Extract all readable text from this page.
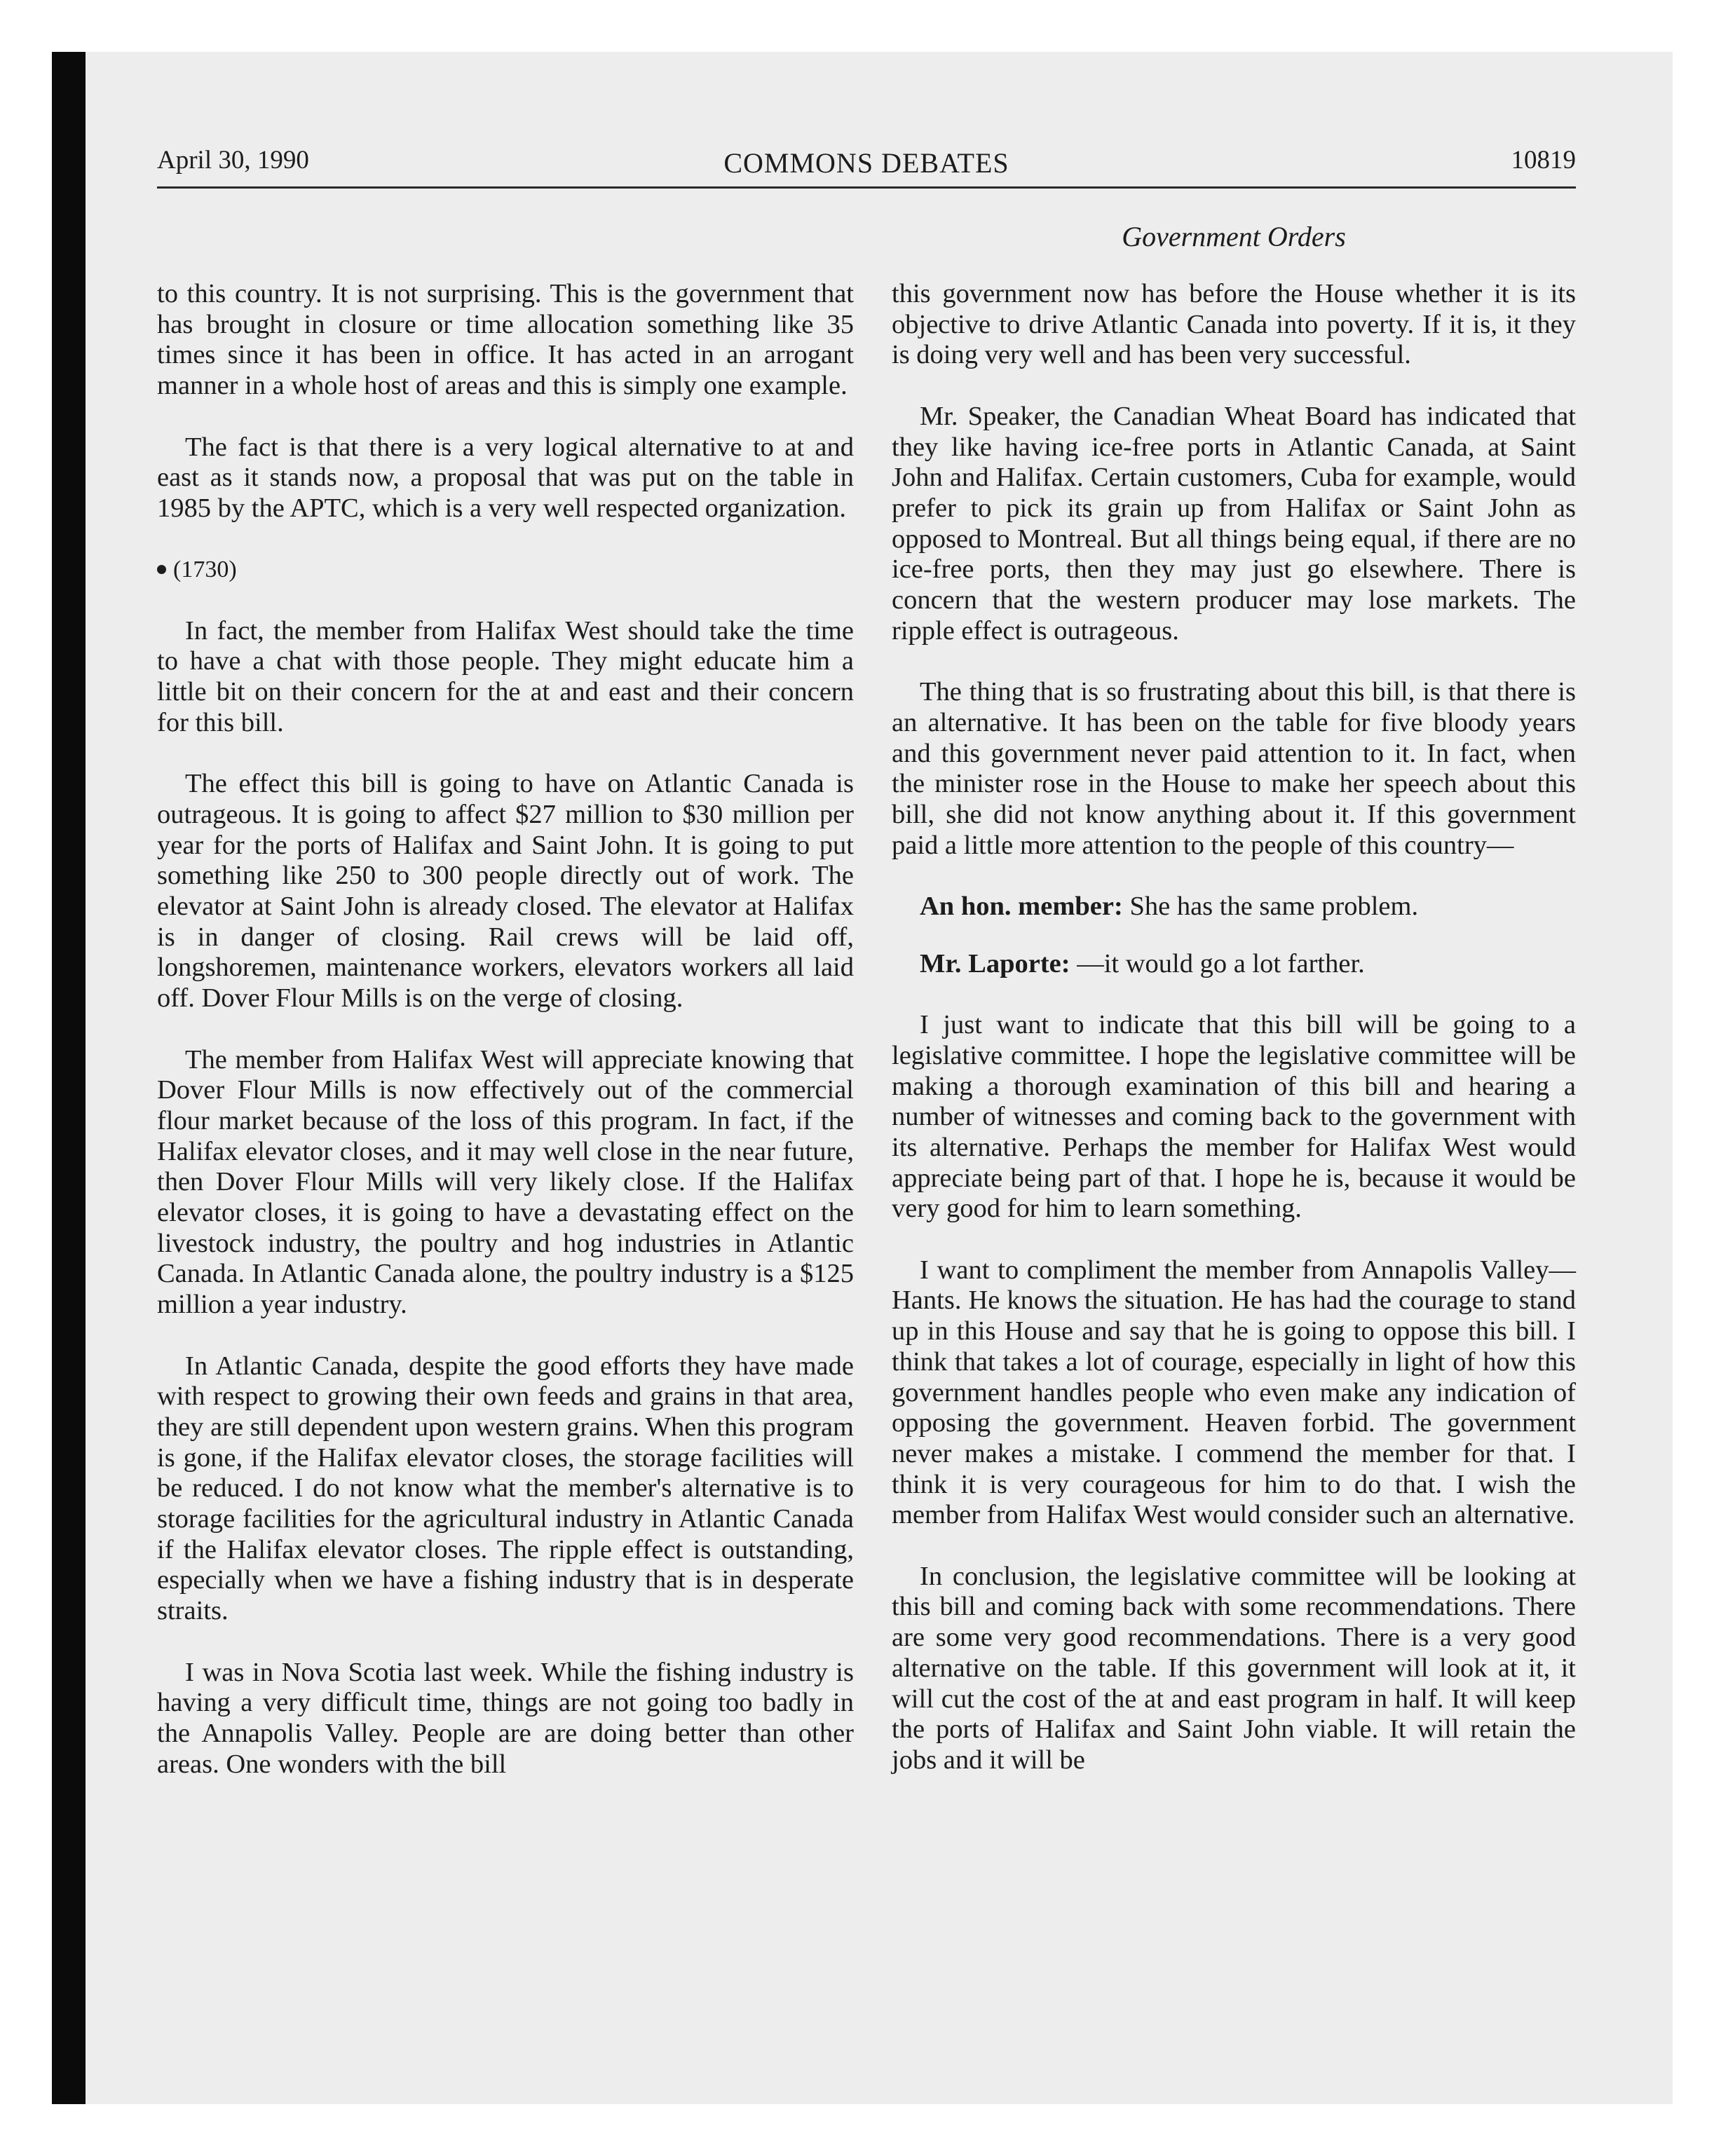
April 30, 1990	COMMONS DEBATES	10819
Government Orders

to this country. It is not surprising. This is the government that has brought in closure or time allocation something like 35 times since it has been in office. It has acted in an arrogant manner in a whole host of areas and this is simply one example.

The fact is that there is a very logical alternative to at and east as it stands now, a proposal that was put on the table in 1985 by the APTC, which is a very well respected organization.

(1730)

In fact, the member from Halifax West should take the time to have a chat with those people. They might educate him a little bit on their concern for the at and east and their concern for this bill.

The effect this bill is going to have on Atlantic Canada is outrageous. It is going to affect $27 million to $30 million per year for the ports of Halifax and Saint John. It is going to put something like 250 to 300 people directly out of work. The elevator at Saint John is already closed. The elevator at Halifax is in danger of closing. Rail crews will be laid off, longshoremen, maintenance workers, elevators workers all laid off. Dover Flour Mills is on the verge of closing.

The member from Halifax West will appreciate knowing that Dover Flour Mills is now effectively out of the commercial flour market because of the loss of this program. In fact, if the Halifax elevator closes, and it may well close in the near future, then Dover Flour Mills will very likely close. If the Halifax elevator closes, it is going to have a devastating effect on the livestock industry, the poultry and hog industries in Atlantic Canada. In Atlantic Canada alone, the poultry industry is a $125 million a year industry.

In Atlantic Canada, despite the good efforts they have made with respect to growing their own feeds and grains in that area, they are still dependent upon western grains. When this program is gone, if the Halifax elevator closes, the storage facilities will be reduced. I do not know what the member's alternative is to storage facilities for the agricultural industry in Atlantic Canada if the Halifax elevator closes. The ripple effect is outstanding, especially when we have a fishing industry that is in desperate straits.

I was in Nova Scotia last week. While the fishing industry is having a very difficult time, things are not going too badly in the Annapolis Valley. People are are doing better than other areas. One wonders with the bill

this government now has before the House whether it is its objective to drive Atlantic Canada into poverty. If it is, it they is doing very well and has been very successful.

Mr. Speaker, the Canadian Wheat Board has indicated that they like having ice-free ports in Atlantic Canada, at Saint John and Halifax. Certain customers, Cuba for example, would prefer to pick its grain up from Halifax or Saint John as opposed to Montreal. But all things being equal, if there are no ice-free ports, then they may just go elsewhere. There is concern that the western producer may lose markets. The ripple effect is outrageous.

The thing that is so frustrating about this bill, is that there is an alternative. It has been on the table for five bloody years and this government never paid attention to it. In fact, when the minister rose in the House to make her speech about this bill, she did not know anything about it. If this government paid a little more attention to the people of this country—

An hon. member: She has the same problem.

Mr. Laporte: —it would go a lot farther.

I just want to indicate that this bill will be going to a legislative committee. I hope the legislative committee will be making a thorough examination of this bill and hearing a number of witnesses and coming back to the government with its alternative. Perhaps the member for Halifax West would appreciate being part of that. I hope he is, because it would be very good for him to learn something.

I want to compliment the member from Annapolis Valley—Hants. He knows the situation. He has had the courage to stand up in this House and say that he is going to oppose this bill. I think that takes a lot of courage, especially in light of how this government handles people who even make any indication of opposing the government. Heaven forbid. The government never makes a mistake. I commend the member for that. I think it is very courageous for him to do that. I wish the member from Halifax West would consider such an alternative.

In conclusion, the legislative committee will be looking at this bill and coming back with some recommendations. There are some very good recommendations. There is a very good alternative on the table. If this government will look at it, it will cut the cost of the at and east program in half. It will keep the ports of Halifax and Saint John viable. It will retain the jobs and it will be
